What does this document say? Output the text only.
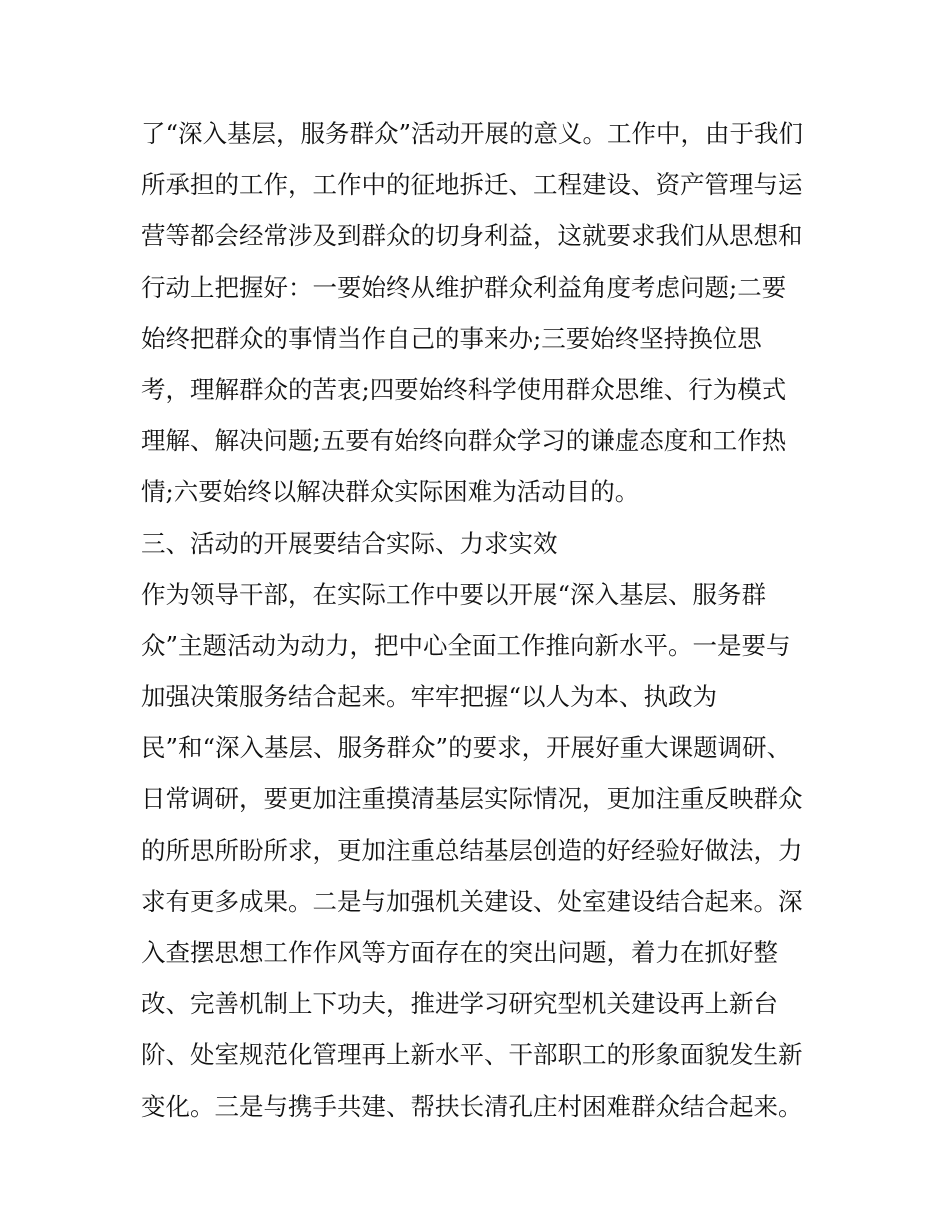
了“深入基层，服务群众”活动开展的意义。工作中，由于我们
所承担的工作，工作中的征地拆迁、工程建设、资产管理与运
营等都会经常涉及到群众的切身利益，这就要求我们从思想和
行动上把握好：一要始终从维护群众利益角度考虑问题;二要
始终把群众的事情当作自己的事来办;三要始终坚持换位思
考，理解群众的苦衷;四要始终科学使用群众思维、行为模式
理解、解决问题;五要有始终向群众学习的谦虚态度和工作热
情;六要始终以解决群众实际困难为活动目的。
三、活动的开展要结合实际、力求实效
作为领导干部，在实际工作中要以开展“深入基层、服务群
众”主题活动为动力，把中心全面工作推向新水平。一是要与
加强决策服务结合起来。牢牢把握“以人为本、执政为
民”和“深入基层、服务群众”的要求，开展好重大课题调研、
日常调研，要更加注重摸清基层实际情况，更加注重反映群众
的所思所盼所求，更加注重总结基层创造的好经验好做法，力
求有更多成果。二是与加强机关建设、处室建设结合起来。深
入查摆思想工作作风等方面存在的突出问题，着力在抓好整
改、完善机制上下功夫，推进学习研究型机关建设再上新台
阶、处室规范化管理再上新水平、干部职工的形象面貌发生新
变化。三是与携手共建、帮扶长清孔庄村困难群众结合起来。
